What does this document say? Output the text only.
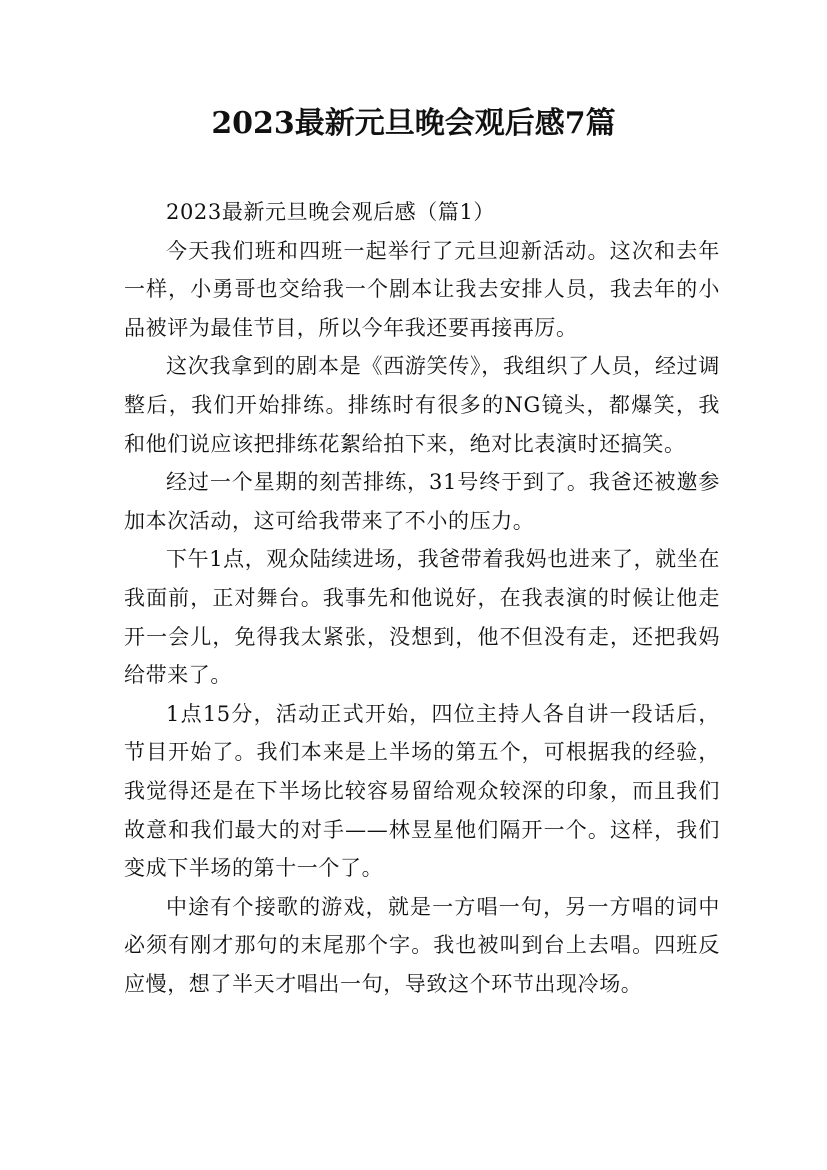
2023最新元旦晚会观后感7篇

2023最新元旦晚会观后感（篇1）

今天我们班和四班一起举行了元旦迎新活动。这次和去年一样，小勇哥也交给我一个剧本让我去安排人员，我去年的小品被评为最佳节目，所以今年我还要再接再厉。

这次我拿到的剧本是《西游笑传》，我组织了人员，经过调整后，我们开始排练。排练时有很多的NG镜头，都爆笑，我和他们说应该把排练花絮给拍下来，绝对比表演时还搞笑。

经过一个星期的刻苦排练，31号终于到了。我爸还被邀参加本次活动，这可给我带来了不小的压力。

下午1点，观众陆续进场，我爸带着我妈也进来了，就坐在我面前，正对舞台。我事先和他说好，在我表演的时候让他走开一会儿，免得我太紧张，没想到，他不但没有走，还把我妈给带来了。

1点15分，活动正式开始，四位主持人各自讲一段话后，节目开始了。我们本来是上半场的第五个，可根据我的经验，我觉得还是在下半场比较容易留给观众较深的印象，而且我们故意和我们最大的对手——林昱星他们隔开一个。这样，我们变成下半场的第十一个了。

中途有个接歌的游戏，就是一方唱一句，另一方唱的词中必须有刚才那句的末尾那个字。我也被叫到台上去唱。四班反应慢，想了半天才唱出一句，导致这个环节出现冷场。
